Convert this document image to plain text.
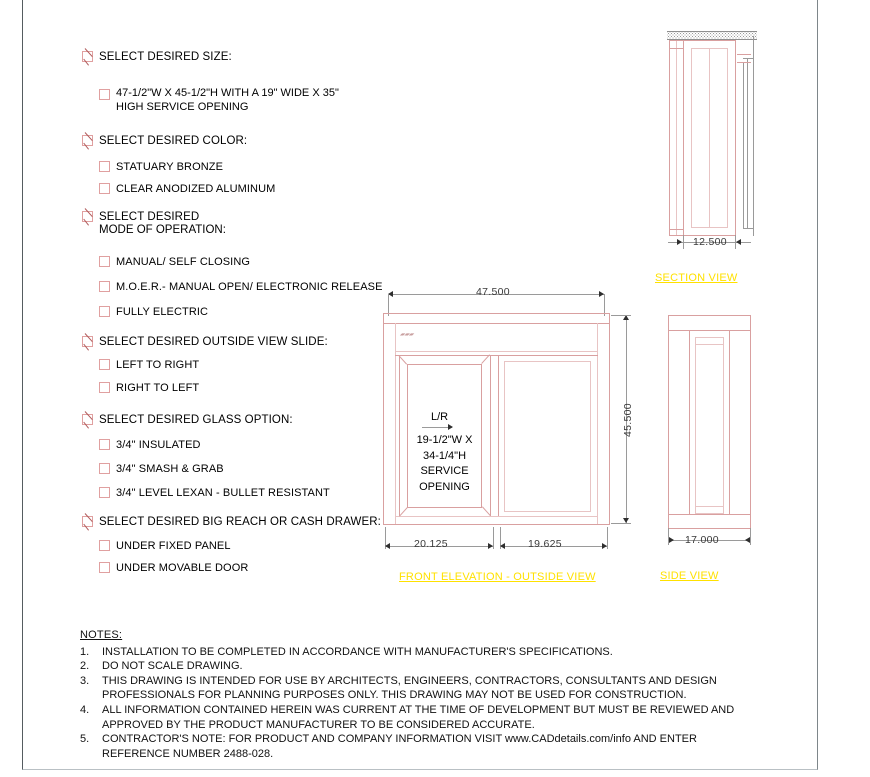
SELECT DESIRED SIZE:
47-1/2"W X 45-1/2"H WITH A 19" WIDE X 35" HIGH SERVICE OPENING
SELECT DESIRED COLOR:
STATUARY BRONZE
CLEAR ANODIZED ALUMINUM
SELECT DESIRED
MODE OF OPERATION:
MANUAL/ SELF CLOSING
M.O.E.R.- MANUAL OPEN/ ELECTRONIC RELEASE
FULLY ELECTRIC
SELECT DESIRED OUTSIDE VIEW SLIDE:
LEFT TO RIGHT
RIGHT TO LEFT
SELECT DESIRED GLASS OPTION:
3/4" INSULATED
3/4" SMASH & GRAB
3/4" LEVEL LEXAN - BULLET RESISTANT
SELECT DESIRED BIG REACH OR CASH DRAWER:
UNDER FIXED PANEL
UNDER MOVABLE DOOR
47.500
▰▰▰
L/R
19-1/2"W X
34-1/4"H
SERVICE
OPENING
45.500
20.125	19.625
FRONT ELEVATION - OUTSIDE VIEW
12.500
SECTION VIEW
17.000
SIDE VIEW
NOTES:
1. INSTALLATION TO BE COMPLETED IN ACCORDANCE WITH MANUFACTURER'S SPECIFICATIONS.
2. DO NOT SCALE DRAWING.
3. THIS DRAWING IS INTENDED FOR USE BY ARCHITECTS, ENGINEERS, CONTRACTORS, CONSULTANTS AND DESIGN PROFESSIONALS FOR PLANNING PURPOSES ONLY. THIS DRAWING MAY NOT BE USED FOR CONSTRUCTION.
4. ALL INFORMATION CONTAINED HEREIN WAS CURRENT AT THE TIME OF DEVELOPMENT BUT MUST BE REVIEWED AND APPROVED BY THE PRODUCT MANUFACTURER TO BE CONSIDERED ACCURATE.
5. CONTRACTOR'S NOTE: FOR PRODUCT AND COMPANY INFORMATION VISIT www.CADdetails.com/info AND ENTER REFERENCE NUMBER 2488-028.
